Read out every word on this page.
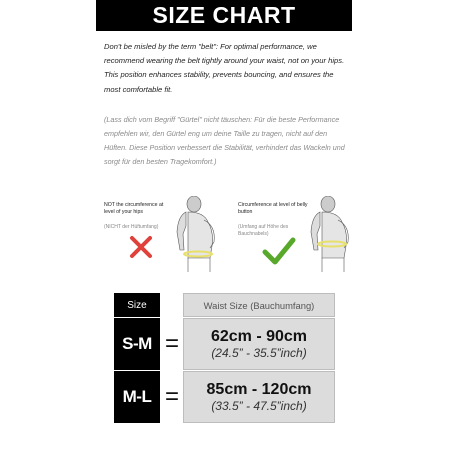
SIZE CHART

Don't be misled by the term "belt": For optimal performance, we recommend wearing the belt tightly around your waist, not on your hips. This position enhances stability, prevents bouncing, and ensures the most comfortable fit.

(Lass dich vom Begriff "Gürtel" nicht täuschen: Für die beste Performance empfehlen wir, den Gürtel eng um deine Taille zu tragen, nicht auf den Hüften. Diese Position verbessert die Stabilität, verhindert das Wackeln und sorgt für den besten Tragekomfort.)

NOT the circumference at level of your hips
(NICHT der Hüftumfang)
Circumference at level of belly button
(Umfang auf Höhe des Bauchnabels)
Size	Waist Size (Bauchumfang)
S-M = 62cm - 90cm
(24.5” - 35.5”inch)
M-L = 85cm - 120cm
(33.5” - 47.5”inch)
